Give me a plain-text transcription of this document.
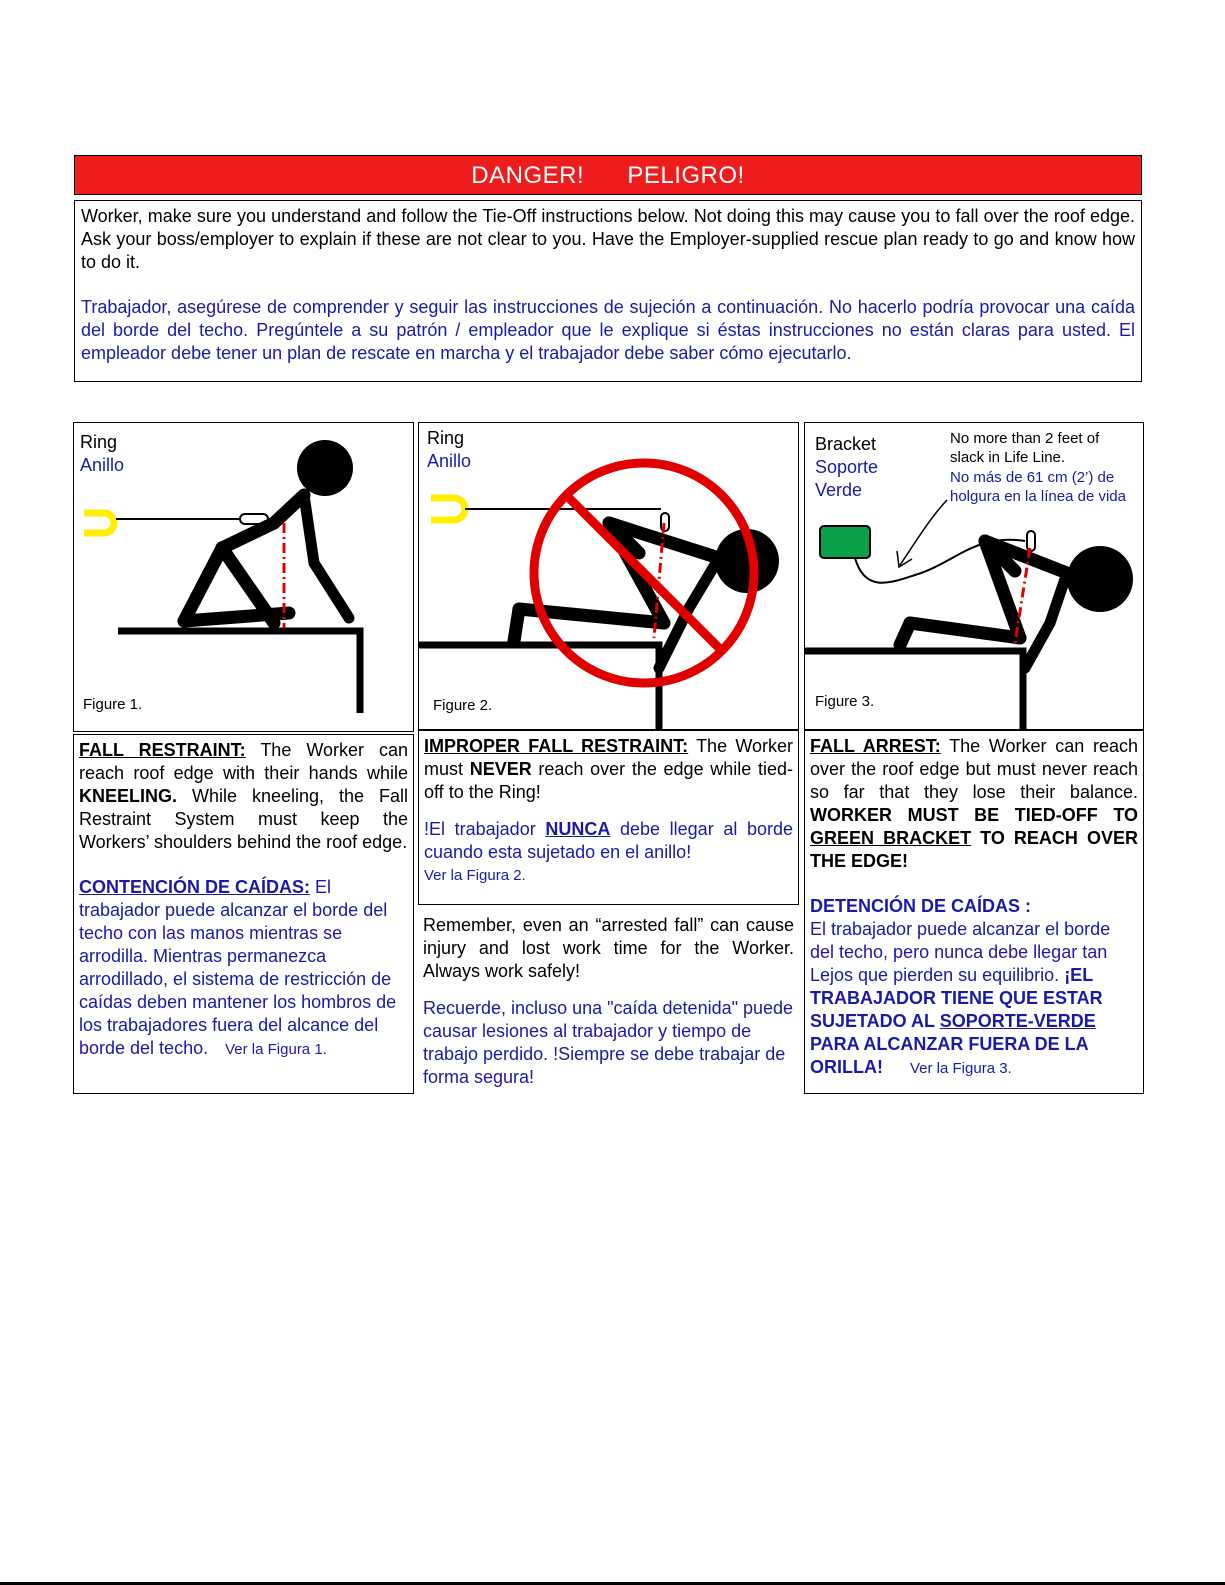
DANGER! PELIGRO!

Worker, make sure you understand and follow the Tie-Off instructions below. Not doing this may cause you to fall over the roof edge. Ask your boss/employer to explain if these are not clear to you. Have the Employer-supplied rescue plan ready to go and know how to do it.

Trabajador, asegúrese de comprender y seguir las instrucciones de sujeción a continuación. No hacerlo podría provocar una caída del borde del techo. Pregúntele a su patrón / empleador que le explique si éstas instrucciones no están claras para usted. El empleador debe tener un plan de rescate en marcha y el trabajador debe saber cómo ejecutarlo.

Ring
Anillo
Figure 1.
Ring
Anillo
Figure 2.
Bracket
Soporte
Verde
No more than 2 feet of slack in Life Line.
No más de 61 cm (2’) de holgura en la línea de vida
Figure 3.

FALL RESTRAINT: The Worker can reach roof edge with their hands while KNEELING. While kneeling, the Fall Restraint System must keep the Workers’ shoulders behind the roof edge.

CONTENCIÓN DE CAÍDAS: El trabajador puede alcanzar el borde del techo con las manos mientras se arrodilla. Mientras permanezca arrodillado, el sistema de restricción de caídas deben mantener los hombros de los trabajadores fuera del alcance del borde del techo. Ver la Figura 1.

IMPROPER FALL RESTRAINT: The Worker must NEVER reach over the edge while tied-off to the Ring!

!El trabajador NUNCA debe llegar al borde cuando esta sujetado en el anillo!

Ver la Figura 2.

Remember, even an “arrested fall” can cause injury and lost work time for the Worker. Always work safely!

Recuerde, incluso una "caída detenida" puede causar lesiones al trabajador y tiempo de trabajo perdido. !Siempre se debe trabajar de forma segura!

FALL ARREST: The Worker can reach over the roof edge but must never reach so far that they lose their balance. WORKER MUST BE TIED-OFF TO GREEN BRACKET TO REACH OVER THE EDGE!

DETENCIÓN DE CAÍDAS :

El trabajador puede alcanzar el borde del techo, pero nunca debe llegar tan Lejos que pierden su equilibrio. ¡EL TRABAJADOR TIENE QUE ESTAR SUJETADO AL SOPORTE-VERDE PARA ALCANZAR FUERA DE LA ORILLA! Ver la Figura 3.
